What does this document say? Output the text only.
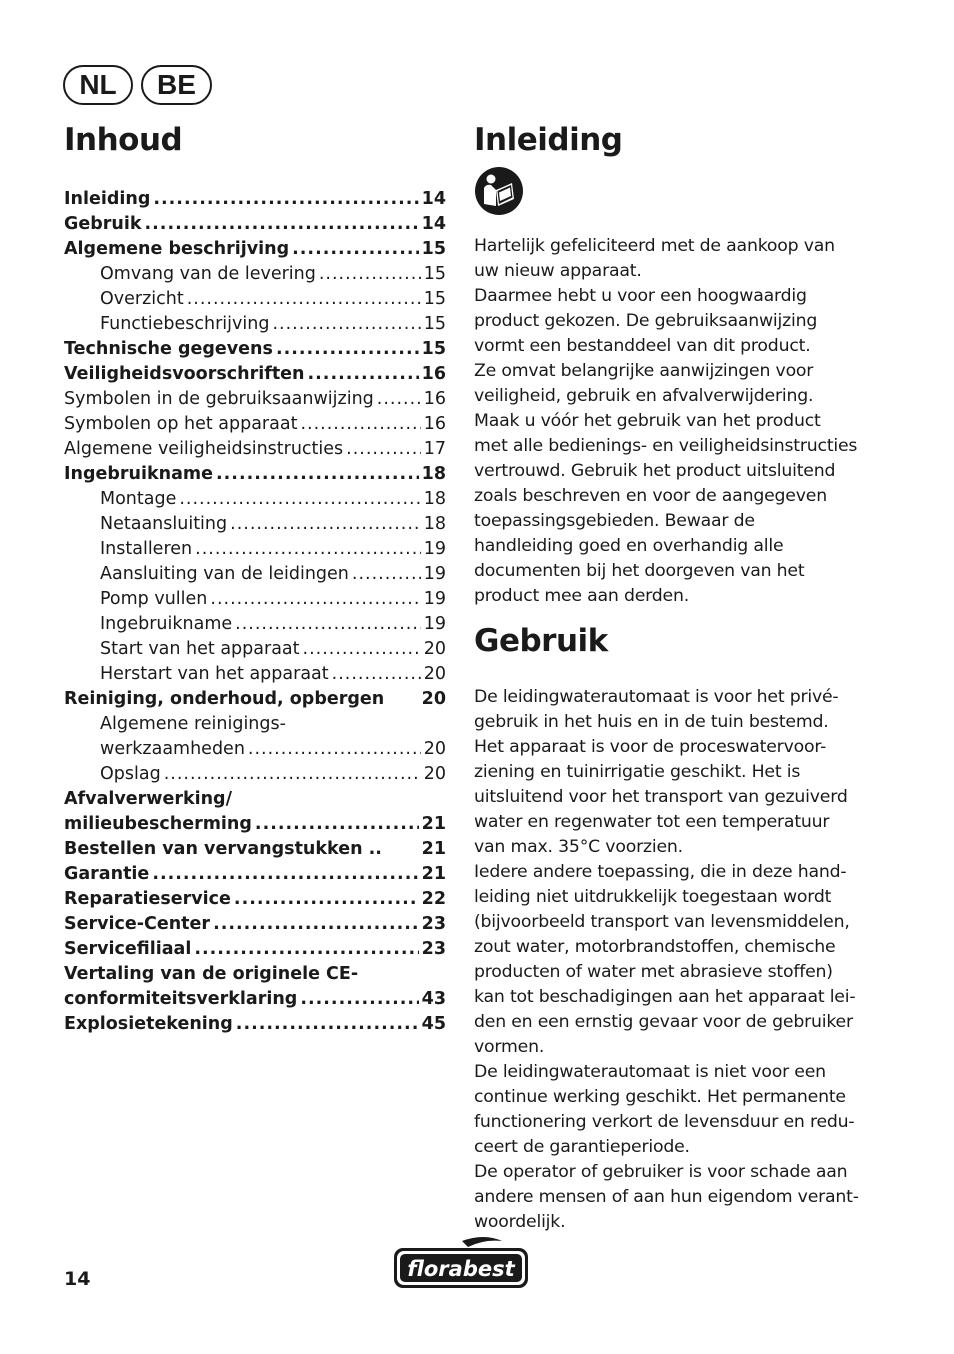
NL	BE
Inhoud
Inleiding .....	14
Gebruik .....	14
Algemene beschrijving .....	15
Omvang van de levering .....	15
Overzicht .....	15
Functiebeschrijving .....	15
Technische gegevens .....	15
Veiligheidsvoorschriften .....	16
Symbolen in de gebruiksaanwijzing .....	16
Symbolen op het apparaat .....	16
Algemene veiligheidsinstructies .....	17
Ingebruikname .....	18
Montage .....	18
Netaansluiting .....	18
Installeren .....	19
Aansluiting van de leidingen .....	19
Pomp vullen .....	19
Ingebruikname .....	19
Start van het apparaat .....	20
Herstart van het apparaat .....	20
Reiniging, onderhoud, opbergen 20
Algemene reinigings-
werkzaamheden .....	20
Opslag .....	20
Afvalverwerking/
milieubescherming .....	21
Bestellen van vervangstukken .. 21
Garantie .....	21
Reparatieservice .....	22
Service-Center .....	23
Servicefiliaal .....	23
Vertaling van de originele CE-
conformiteitsverklaring .....	43
Explosietekening .....	45
Inleiding

Hartelijk gefeliciteerd met de aankoop van

uw nieuw apparaat.

Daarmee hebt u voor een hoogwaardig

product gekozen. De gebruiksaanwijzing

vormt een bestanddeel van dit product.

Ze omvat belangrijke aanwijzingen voor

veiligheid, gebruik en afvalverwijdering.

Maak u vóór het gebruik van het product

met alle bedienings- en veiligheidsinstructies

vertrouwd. Gebruik het product uitsluitend

zoals beschreven en voor de aangegeven

toepassingsgebieden. Bewaar de

handleiding goed en overhandig alle

documenten bij het doorgeven van het

product mee aan derden.

Gebruik

De leidingwaterautomaat is voor het privé-

gebruik in het huis en in de tuin bestemd.

Het apparaat is voor de proceswatervoor-

ziening en tuinirrigatie geschikt. Het is

uitsluitend voor het transport van gezuiverd

water en regenwater tot een temperatuur

van max. 35°C voorzien.

Iedere andere toepassing, die in deze hand-

leiding niet uitdrukkelijk toegestaan wordt

(bijvoorbeeld transport van levensmiddelen,

zout water, motorbrandstoffen, chemische

producten of water met abrasieve stoffen)

kan tot beschadigingen aan het apparaat lei-

den en een ernstig gevaar voor de gebruiker

vormen.

De leidingwaterautomaat is niet voor een

continue werking geschikt. Het permanente

functionering verkort de levensduur en redu-

ceert de garantieperiode.

De operator of gebruiker is voor schade aan

andere mensen of aan hun eigendom verant-

woordelijk.

14	florabest
